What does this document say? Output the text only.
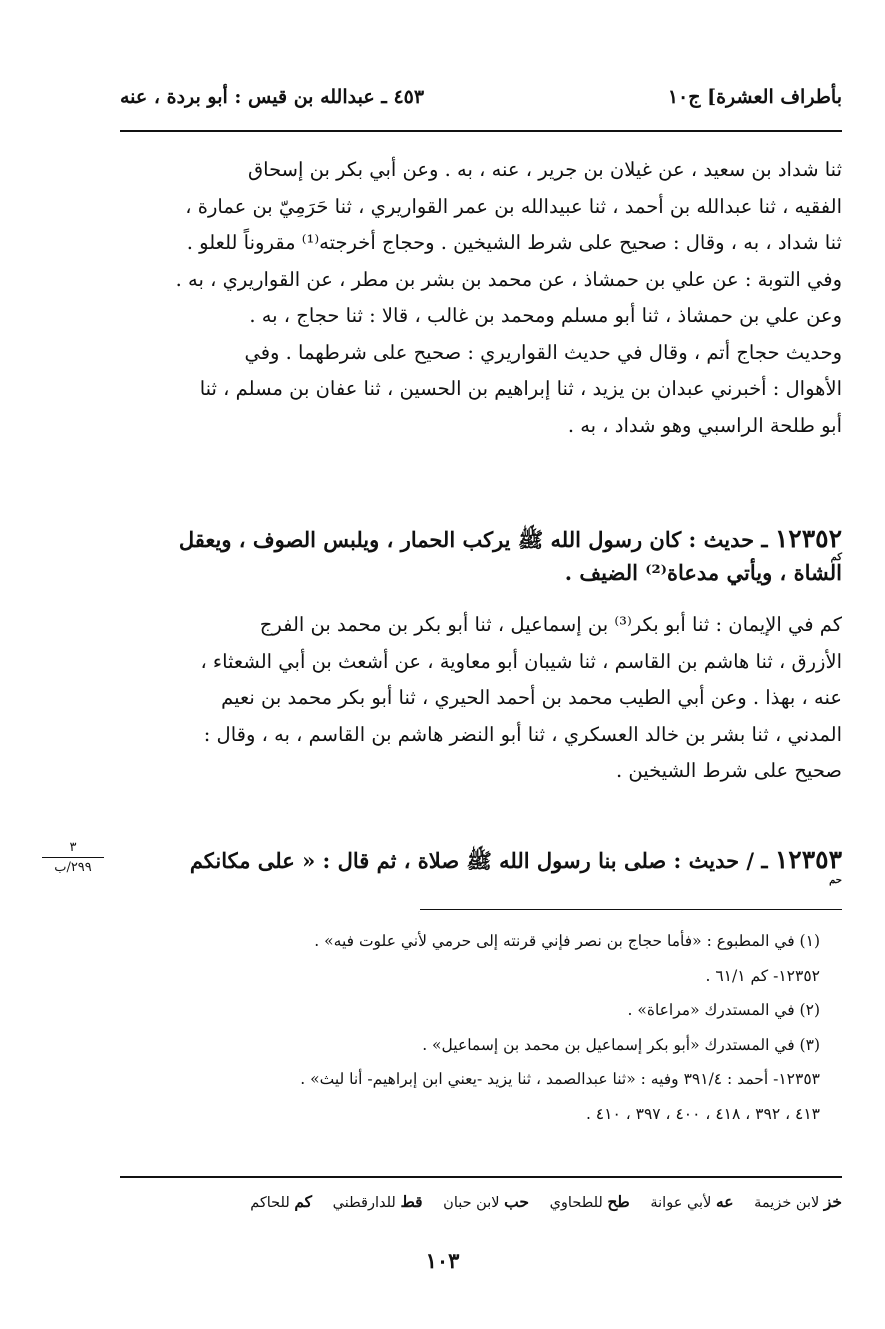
بأطراف العشرة] ج١٠
٤٥٣ ـ عبدالله بن قيس : أبو بردة ، عنه
ثنا شداد بن سعيد ، عن غيلان بن جرير ، عنه ، به . وعن أبي بكر بن إسحاق
الفقيه ، ثنا عبدالله بن أحمد ، ثنا عبيدالله بن عمر القواريري ، ثنا حَرَمِيّ بن عمارة ،
ثنا شداد ، به ، وقال : صحيح على شرط الشيخين . وحجاج أخرجته⁽¹⁾ مقروناً للعلو .
وفي التوبة : عن علي بن حمشاذ ، عن محمد بن بشر بن مطر ، عن القواريري ، به .
وعن علي بن حمشاذ ، ثنا أبو مسلم ومحمد بن غالب ، قالا : ثنا حجاج ، به .
وحديث حجاج أتم ، وقال في حديث القواريري : صحيح على شرطهما . وفي
الأهوال : أخبرني عبدان بن يزيد ، ثنا إبراهيم بن الحسين ، ثنا عفان بن مسلم ، ثنا
أبو طلحة الراسبي وهو شداد ، به .
١٢٣٥٢ ـ حديث : كان رسول الله ﷺ يركب الحمار ، ويلبس الصوف ، ويعقل
الشاة ، ويأتي مدعاة⁽²⁾ الضيف .
كم
كم في الإيمان : ثنا أبو بكر⁽³⁾ بن إسماعيل ، ثنا أبو بكر بن محمد بن الفرج
الأزرق ، ثنا هاشم بن القاسم ، ثنا شيبان أبو معاوية ، عن أشعث بن أبي الشعثاء ،
عنه ، بهذا . وعن أبي الطيب محمد بن أحمد الحيري ، ثنا أبو بكر محمد بن نعيم
المدني ، ثنا بشر بن خالد العسكري ، ثنا أبو النضر هاشم بن القاسم ، به ، وقال :
صحيح على شرط الشيخين .
١٢٣٥٣ ـ / حديث : صلى بنا رسول الله ﷺ صلاة ، ثم قال : « على مكانكم
حم
٣
٢٩٩/ب
(١) في المطبوع : «فأما حجاج بن نصر فإني قرنته إلى حرمي لأني علوت فيه» .
١٢٣٥٢- كم ٦١/١ .
(٢) في المستدرك «مراعاة» .
(٣) في المستدرك «أبو بكر إسماعيل بن محمد بن إسماعيل» .
١٢٣٥٣- أحمد : ٣٩١/٤ وفيه : «ثنا عبدالصمد ، ثنا يزيد -يعني ابن إبراهيم- أنا ليث» .
٤١٣ ، ٣٩٢ ، ٤١٨ ، ٤٠٠ ، ٣٩٧ ، ٤١٠ .
خز لابن خزيمة عه لأبي عوانة طح للطحاوي حب لابن حبان قط للدارقطني كم للحاكم
١٠٣
